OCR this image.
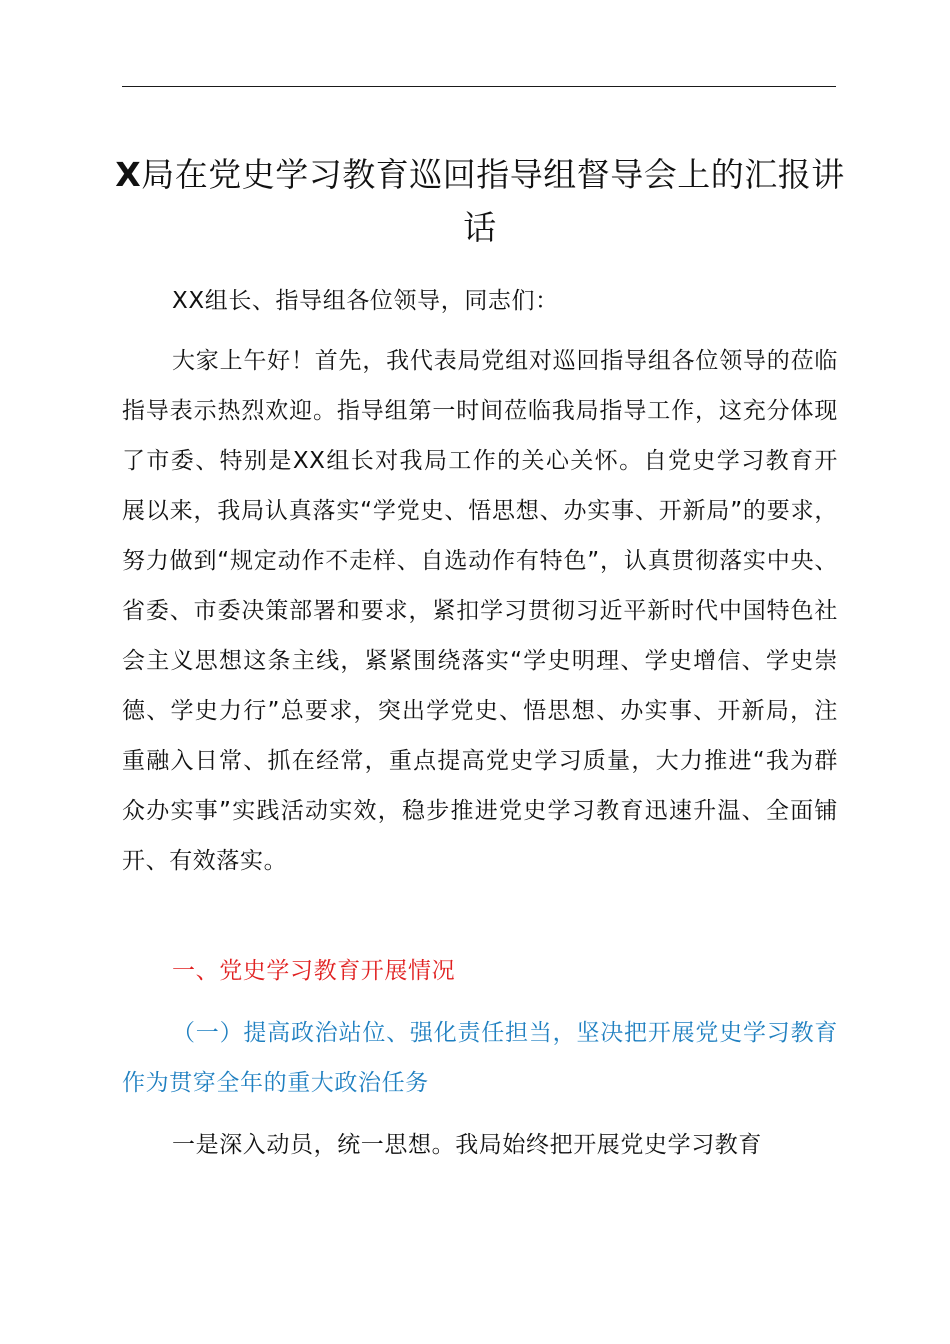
X局在党史学习教育巡回指导组督导会上的汇报讲话

XX组长、指导组各位领导，同志们：

大家上午好！首先，我代表局党组对巡回指导组各位领导的莅临指导表示热烈欢迎。指导组第一时间莅临我局指导工作，这充分体现了市委、特别是XX组长对我局工作的关心关怀。自党史学习教育开展以来，我局认真落实“学党史、悟思想、办实事、开新局”的要求，努力做到“规定动作不走样、自选动作有特色”，认真贯彻落实中央、省委、市委决策部署和要求，紧扣学习贯彻习近平新时代中国特色社会主义思想这条主线，紧紧围绕落实“学史明理、学史增信、学史崇德、学史力行”总要求，突出学党史、悟思想、办实事、开新局，注重融入日常、抓在经常，重点提高党史学习质量，大力推进“我为群众办实事”实践活动实效，稳步推进党史学习教育迅速升温、全面铺开、有效落实。

一、党史学习教育开展情况

（一）提高政治站位、强化责任担当，坚决把开展党史学习教育作为贯穿全年的重大政治任务

一是深入动员，统一思想。我局始终把开展党史学习教育
